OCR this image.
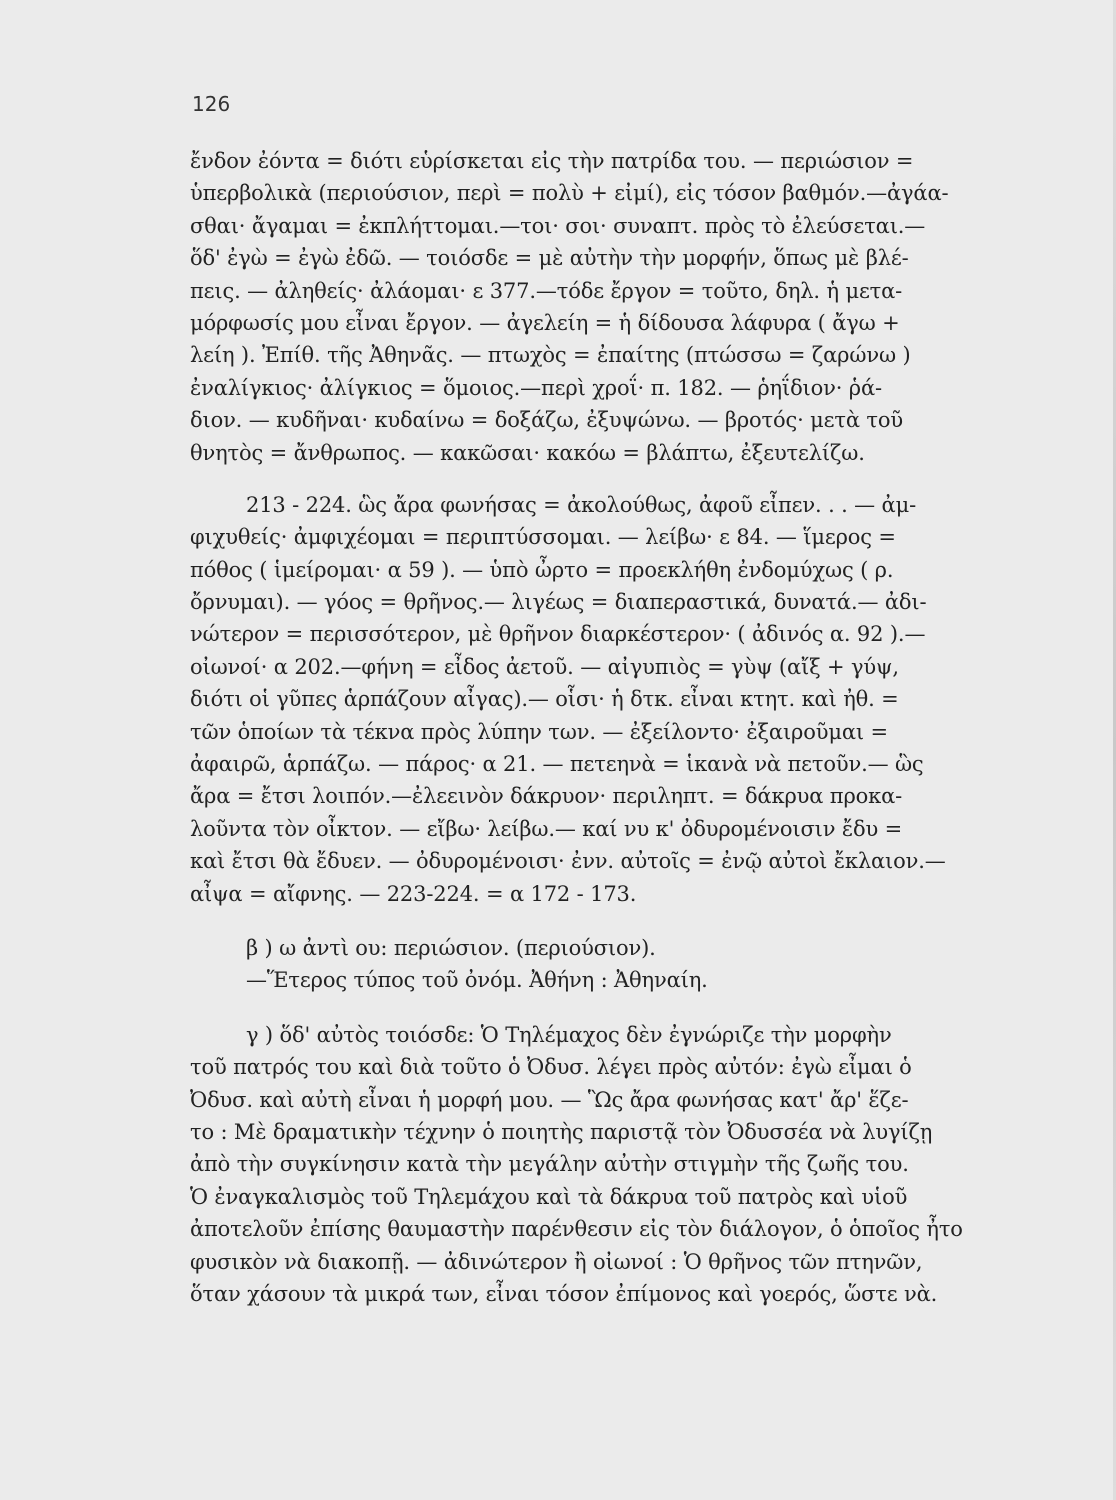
126
ἔνδον ἐόντα = διότι εὑρίσκεται εἰς τὴν πατρίδα του. — περιώσιον =
ὑπερβολικὰ (περιούσιον, περὶ = πολὺ + εἰμί), εἰς τόσον βαθμόν.—ἀγάα-
σθαι· ἄγαμαι = ἐκπλήττομαι.—τοι· σοι· συναπτ. πρὸς τὸ ἐλεύσεται.—
ὅδ' ἐγὼ = ἐγὼ ἐδῶ. — τοιόσδε = μὲ αὐτὴν τὴν μορφήν, ὅπως μὲ βλέ-
πεις. — ἀληθείς· ἀλάομαι· ε 377.—τόδε ἔργον = τοῦτο, δηλ. ἡ μετα-
μόρφωσίς μου εἶναι ἔργον. — ἀγελείη = ἡ δίδουσα λάφυρα ( ἄγω +
λείη ). Ἐπίθ. τῆς Ἀθηνᾶς. — πτωχὸς = ἐπαίτης (πτώσσω = ζαρώνω )
ἐναλίγκιος· ἀλίγκιος = ὅμοιος.—περὶ χροΐ· π. 182. — ῥηΐδιον· ῥά-
διον. — κυδῆναι· κυδαίνω = δοξάζω, ἐξυψώνω. — βροτός· μετὰ τοῦ
θνητὸς = ἄνθρωπος. — κακῶσαι· κακόω = βλάπτω, ἐξευτελίζω.
213 - 224. ὣς ἄρα φωνήσας = ἀκολούθως, ἀφοῦ εἶπεν. . . — ἀμ-
φιχυθείς· ἀμφιχέομαι = περιπτύσσομαι. — λείβω· ε 84. — ἵμερος =
πόθος ( ἱμείρομαι· α 59 ). — ὑπὸ ὦρτο = προεκλήθη ἐνδομύχως ( ρ.
ὄρνυμαι). — γόος = θρῆνος.— λιγέως = διαπεραστικά, δυνατά.— ἀδι-
νώτερον = περισσότερον, μὲ θρῆνον διαρκέστερον· ( ἀδινός α. 92 ).—
οἰωνοί· α 202.—φήνη = εἶδος ἀετοῦ. — αἰγυπιὸς = γὺψ (αἴξ + γύψ,
διότι οἱ γῦπες ἁρπάζουν αἶγας).— οἷσι· ἡ δτκ. εἶναι κτητ. καὶ ἠθ. =
τῶν ὁποίων τὰ τέκνα πρὸς λύπην των. — ἐξείλοντο· ἐξαιροῦμαι =
ἀφαιρῶ, ἁρπάζω. — πάρος· α 21. — πετεηνὰ = ἱκανὰ νὰ πετοῦν.— ὣς
ἄρα = ἔτσι λοιπόν.—ἐλεεινὸν δάκρυον· περιληπτ. = δάκρυα προκα-
λοῦντα τὸν οἶκτον. — εἴβω· λείβω.— καί νυ κ' ὀδυρομένοισιν ἔδυ =
καὶ ἔτσι θὰ ἔδυεν. — ὀδυρομένοισι· ἐνν. αὐτοῖς = ἐνῷ αὐτοὶ ἔκλαιον.—
αἶψα = αἴφνης. — 223-224. = α 172 - 173.
β ) ω ἀντὶ ου: περιώσιον. (περιούσιον).
—Ἕτερος τύπος τοῦ ὀνόμ. Ἀθήνη : Ἀθηναίη.
γ ) ὅδ' αὐτὸς τοιόσδε: Ὁ Τηλέμαχος δὲν ἐγνώριζε τὴν μορφὴν
τοῦ πατρός του καὶ διὰ τοῦτο ὁ Ὀδυσ. λέγει πρὸς αὐτόν: ἐγὼ εἶμαι ὁ
Ὀδυσ. καὶ αὐτὴ εἶναι ἡ μορφή μου. — Ὣς ἄρα φωνήσας κατ' ἄρ' ἕζε-
το : Μὲ δραματικὴν τέχνην ὁ ποιητὴς παριστᾷ τὸν Ὀδυσσέα νὰ λυγίζῃ
ἀπὸ τὴν συγκίνησιν κατὰ τὴν μεγάλην αὐτὴν στιγμὴν τῆς ζωῆς του.
Ὁ ἐναγκαλισμὸς τοῦ Τηλεμάχου καὶ τὰ δάκρυα τοῦ πατρὸς καὶ υἱοῦ
ἀποτελοῦν ἐπίσης θαυμαστὴν παρένθεσιν εἰς τὸν διάλογον, ὁ ὁποῖος ἦτο
φυσικὸν νὰ διακοπῇ. — ἀδινώτερον ἢ οἰωνοί : Ὁ θρῆνος τῶν πτηνῶν,
ὅταν χάσουν τὰ μικρά των, εἶναι τόσον ἐπίμονος καὶ γοερός, ὥστε νὰ.
